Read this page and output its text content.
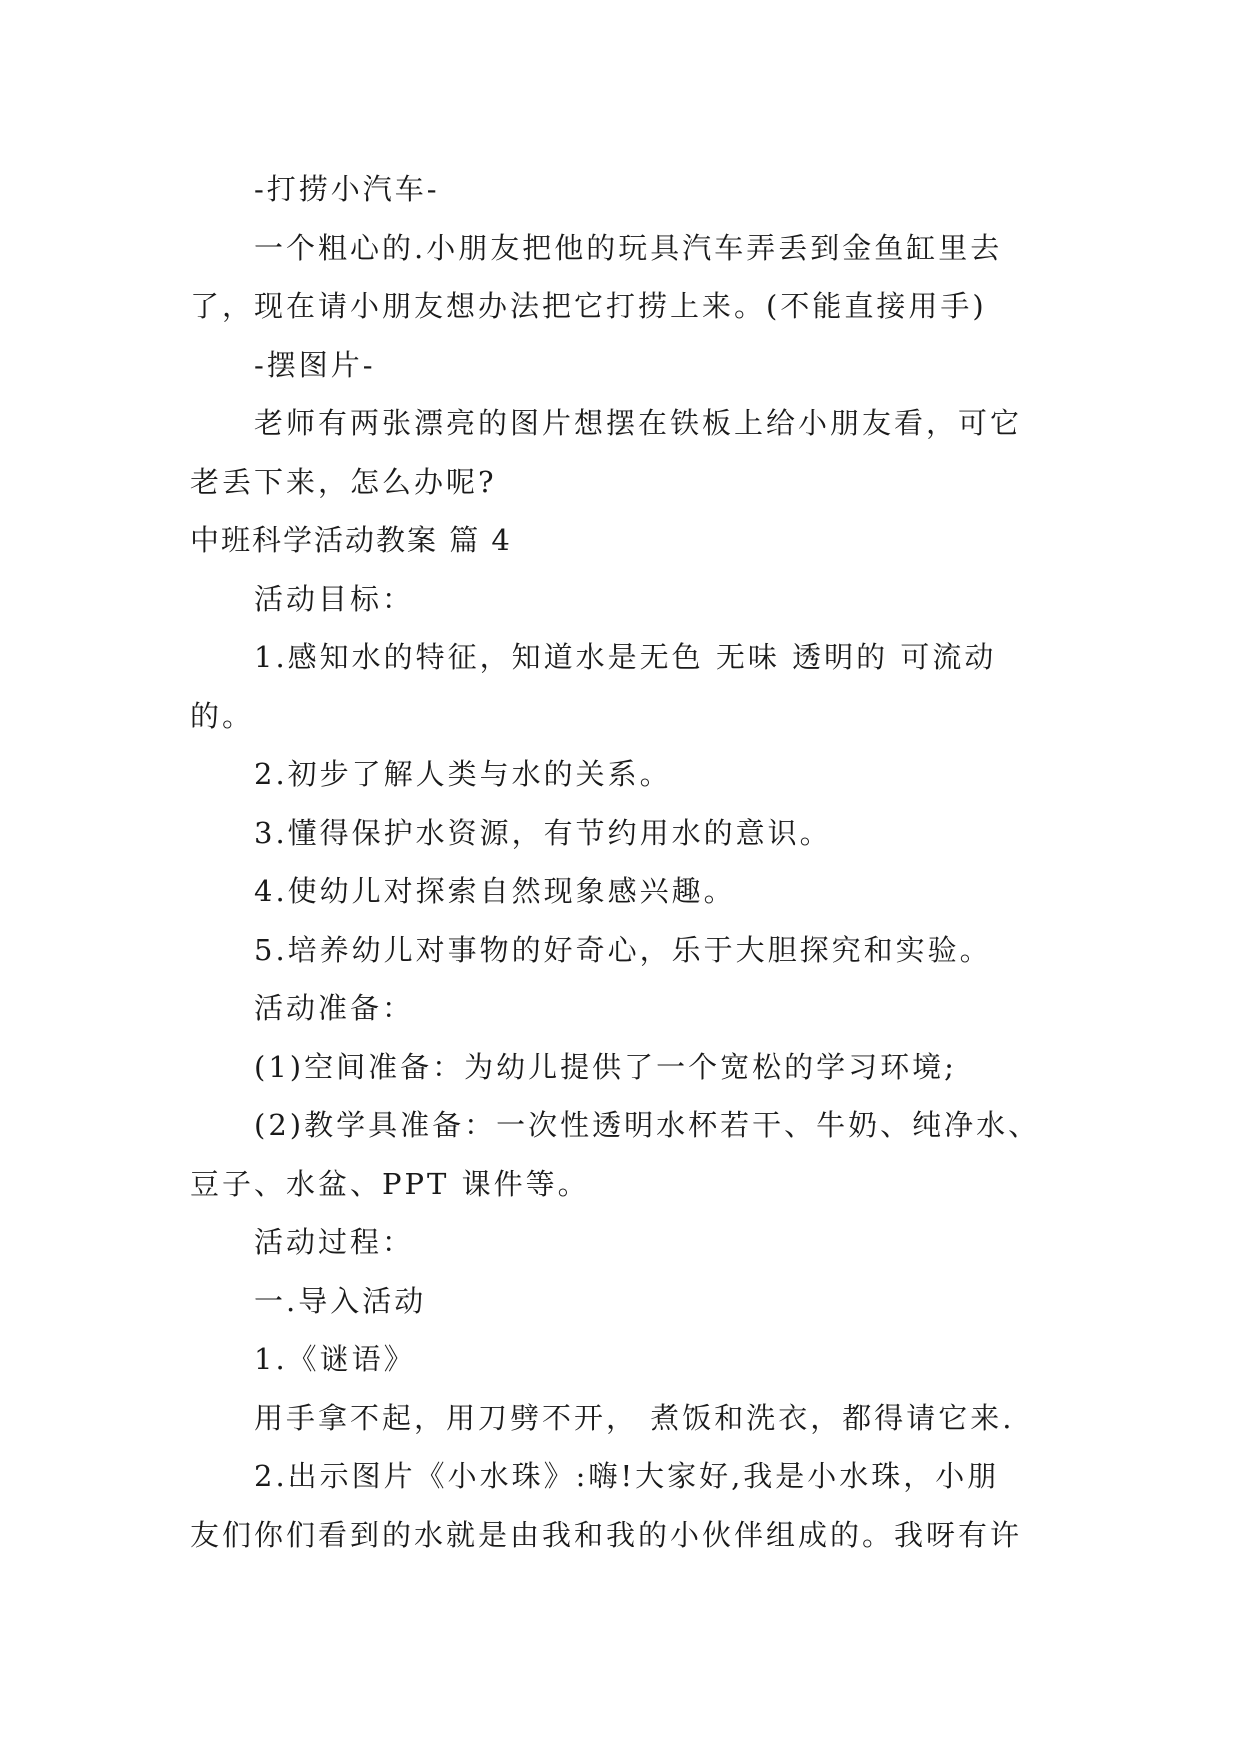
-打捞小汽车-
一个粗心的.小朋友把他的玩具汽车弄丢到金鱼缸里去
了，现在请小朋友想办法把它打捞上来。(不能直接用手)
-摆图片-
老师有两张漂亮的图片想摆在铁板上给小朋友看，可它
老丢下来，怎么办呢?
中班科学活动教案 篇 4
活动目标：
1.感知水的特征，知道水是无色 无味 透明的 可流动
的。
2.初步了解人类与水的关系。
3.懂得保护水资源，有节约用水的意识。
4.使幼儿对探索自然现象感兴趣。
5.培养幼儿对事物的好奇心，乐于大胆探究和实验。
活动准备：
(1)空间准备：为幼儿提供了一个宽松的学习环境;
(2)教学具准备：一次性透明水杯若干、牛奶、纯净水、
豆子、水盆、PPT 课件等。
活动过程：
一.导入活动
1.《谜语》
用手拿不起，用刀劈不开， 煮饭和洗衣，都得请它来.
2.出示图片《小水珠》:嗨!大家好,我是小水珠，小朋
友们你们看到的水就是由我和我的小伙伴组成的。我呀有许
